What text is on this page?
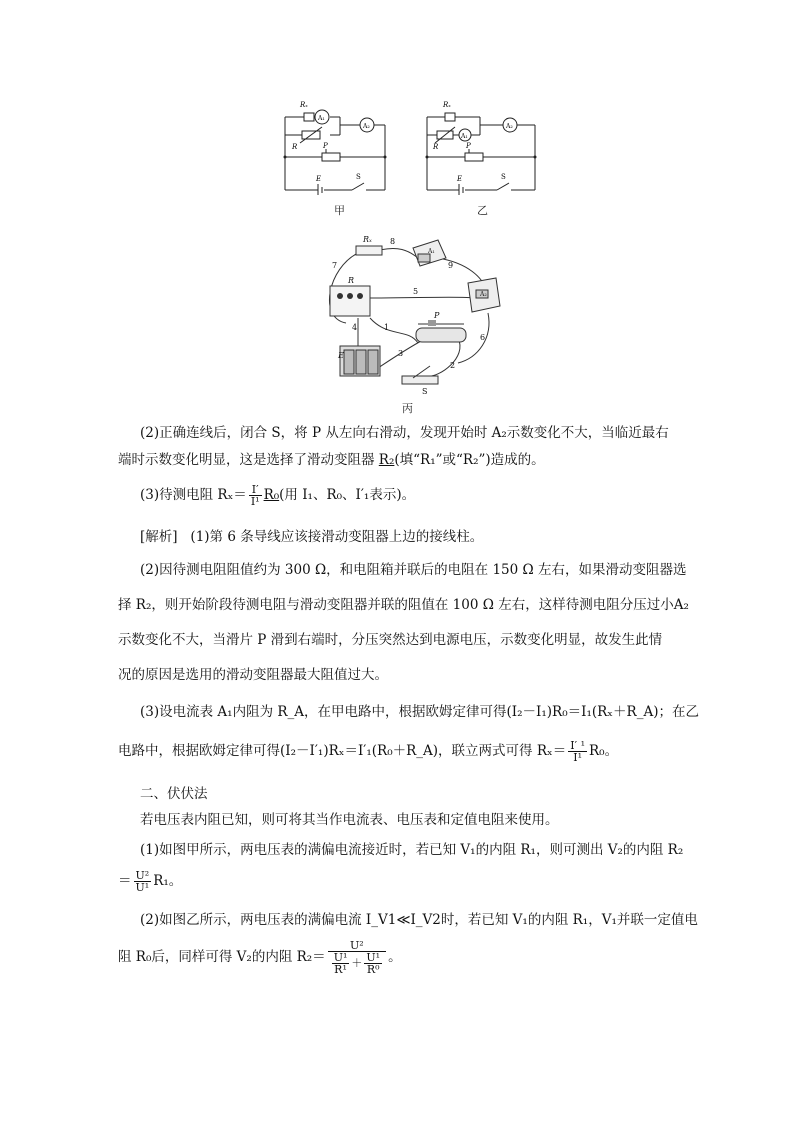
Rₓ
A₁
A₂
R	P
E	S
甲
Rₓ
A₁
A₂
R	P
E	S
乙
Rₓ
A₁
A₂
R
P
E
S
1
2
3
4
5
6
7
8
9
丙
(2)正确连线后，闭合 S，将 P 从左向右滑动，发现开始时 A₂示数变化不大，当临近最右
端时示数变化明显，这是选择了滑动变阻器 R₂(填“R₁”或“R₂”)造成的。
(3)待测电阻 $R_x= \frac{I'}{\text{I¹}} R_0$(用 I₁、R₀、I′₁表示)。
[解析] (1)第 6 条导线应该接滑动变阻器上边的接线柱。
(2)因待测电阻阻值约为 300 Ω，和电阻箱并联后的电阻在 150 Ω 左右，如果滑动变阻器选
择 R₂，则开始阶段待测电阻与滑动变阻器并联的阻值在 100 Ω 左右，这样待测电阻分压过小A₂
示数变化不大，当滑片 P 滑到右端时，分压突然达到电源电压，示数变化明显，故发生此情
况的原因是选用的滑动变阻器最大阻值过大。
(3)设电流表 A₁内阻为 R_A，在甲电路中，根据欧姆定律可得(I₂－I₁)R₀＝I₁(Rₓ＋R_A)；在乙
电路中，根据欧姆定律可得(I₂－I′₁)Rₓ＝I′₁(R₀＋R_A)，联立两式可得 $R_x= \frac{\text{I′ ¹}}{\text{I¹}} R_0$。
二、伏伏法
若电压表内阻已知，则可将其当作电流表、电压表和定值电阻来使用。
(1)如图甲所示，两电压表的满偏电流接近时，若已知 V₁的内阻 R₁，则可测出 V₂的内阻 R₂
＝ $\frac{\text{U²}}{\text{U¹}} R_1$。
(2)如图乙所示，两电压表的满偏电流 I_V1≪I_V2时，若已知 V₁的内阻 R₁，V₁并联一定值电
阻 R₀后，同样可得 V₂的内阻 $R_2= \frac{\text{U²}}{\frac{\text{U¹}}{\text{R¹}} + \frac{\text{U¹}}{\text{R⁰}}}$ 。
